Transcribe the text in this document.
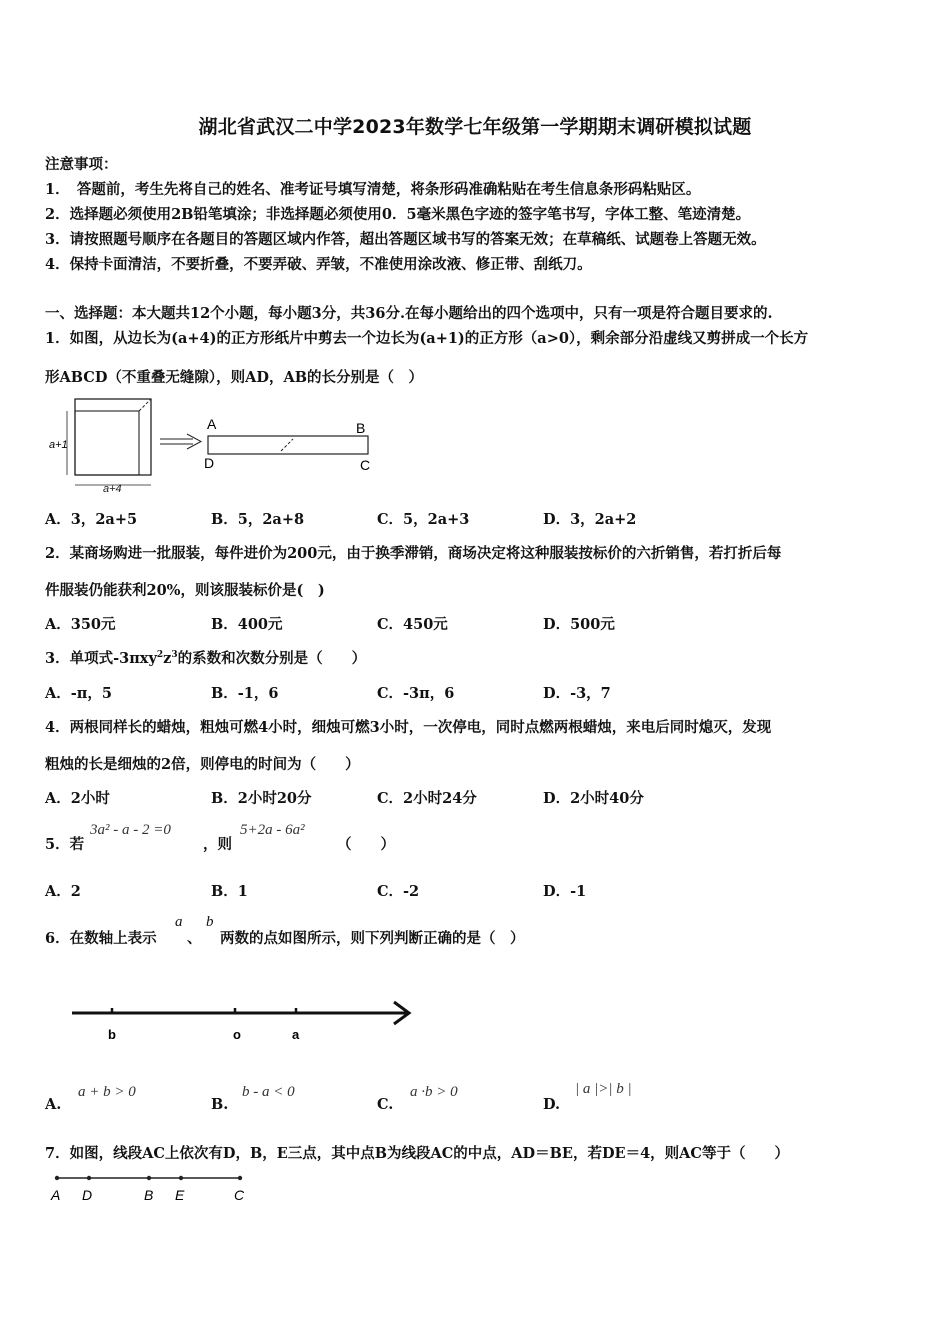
湖北省武汉二中学2023年数学七年级第一学期期末调研模拟试题
注意事项：
1．　答题前，考生先将自己的姓名、准考证号填写清楚，将条形码准确粘贴在考生信息条形码粘贴区。
2．选择题必须使用2B铅笔填涂；非选择题必须使用0．5毫米黑色字迹的签字笔书写，字体工整、笔迹清楚。
3．请按照题号顺序在各题目的答题区域内作答，超出答题区域书写的答案无效；在草稿纸、试题卷上答题无效。
4．保持卡面清洁，不要折叠，不要弄破、弄皱，不准使用涂改液、修正带、刮纸刀。
一、选择题：本大题共12个小题，每小题3分，共36分.在每小题给出的四个选项中，只有一项是符合题目要求的.
1．如图，从边长为(a+4)的正方形纸片中剪去一个边长为(a+1)的正方形（a>0），剩余部分沿虚线又剪拼成一个长方
形ABCD（不重叠无缝隙），则AD，AB的长分别是（　）
a+1
a+4
A	B
D	C
A．3，2a+5	B．5，2a+8	C．5，2a+3	D．3，2a+2
2．某商场购进一批服装，每件进价为200元，由于换季滞销，商场决定将这种服装按标价的六折销售，若打折后每
件服装仍能获利20%，则该服装标价是(　)
A．350元	B．400元	C．450元	D．500元
3．单项式$-3\pi xy^2z^3$的系数和次数分别是（　　）
A．-π，5	B．-1，6	C．-3π，6	D．-3，7
4．两根同样长的蜡烛，粗烛可燃4小时，细烛可燃3小时，一次停电，同时点燃两根蜡烛，来电后同时熄灭，发现
粗烛的长是细烛的2倍，则停电的时间为（　　）
A．2小时	B．2小时20分	C．2小时24分	D．2小时40分
5．若
3a² - a - 2 =0
，则
5+2a - 6a²
（　　）
A．2	B．1	C．-2	D．-1
6．在数轴上表示
a
、
b
两数的点如图所示，则下列判断正确的是（　）
b	o	a
A.
a + b > 0
B.
b - a < 0
C.
a ·b > 0
D.
| a |>| b |
7．如图，线段AC上依次有D，B，E三点，其中点B为线段AC的中点，AD＝BE，若DE＝4，则AC等于（　　）
A D	B E	C
